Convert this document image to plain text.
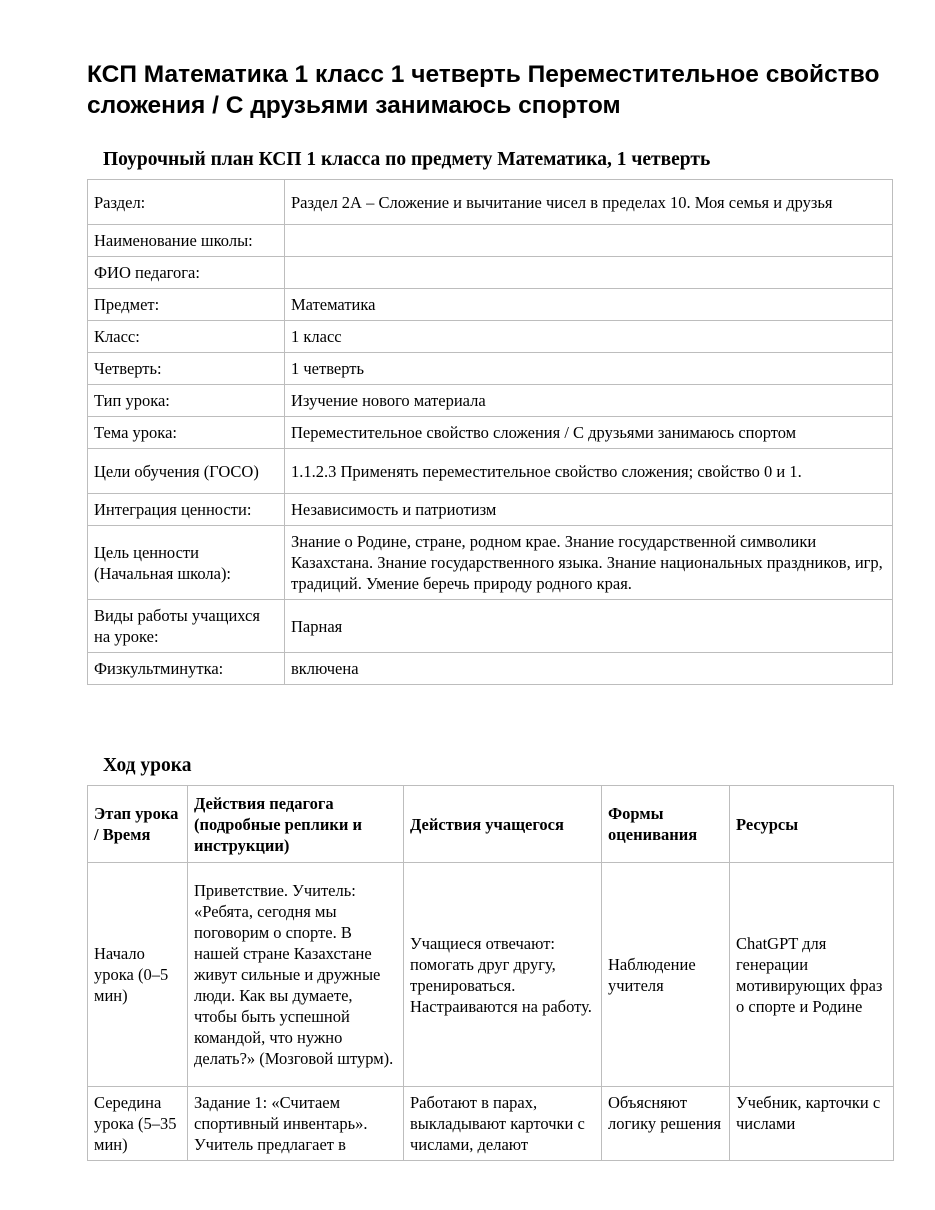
КСП Математика 1 класс 1 четверть Переместительное свойство сложения / С друзьями занимаюсь спортом
Поурочный план КСП 1 класса по предмету Математика, 1 четверть
Раздел:	Раздел 2А – Сложение и вычитание чисел в пределах 10. Моя семья и друзья
Наименование школы:	
ФИО педагога:	
Предмет:	Математика
Класс:	1 класс
Четверть:	1 четверть
Тип урока:	Изучение нового материала
Тема урока:	Переместительное свойство сложения / С друзьями занимаюсь спортом
Цели обучения (ГОСО)	1.1.2.3 Применять переместительное свойство сложения; свойство 0 и 1.
Интеграция ценности:	Независимость и патриотизм
Цель ценности (Начальная школа):	Знание о Родине, стране, родном крае. Знание государственной символики Казахстана. Знание государственного языка. Знание национальных праздников, игр, традиций. Умение беречь природу родного края.
Виды работы учащихся на уроке:	Парная
Физкультминутка:	включена
Ход урока
Этап урока / Время	Действия педагога (подробные реплики и инструкции)	Действия учащегося	Формы оценивания	Ресурсы
Начало урока (0–5 мин)	Приветствие. Учитель: «Ребята, сегодня мы поговорим о спорте. В нашей стране Казахстане живут сильные и дружные люди. Как вы думаете, чтобы быть успешной командой, что нужно делать?» (Мозговой штурм).	Учащиеся отвечают: помогать друг другу, тренироваться. Настраиваются на работу.	Наблюдение учителя	ChatGPT для генерации мотивирующих фраз о спорте и Родине
Середина урока (5–35 мин)	Задание 1: «Считаем спортивный инвентарь». Учитель предлагает в	Работают в парах, выкладывают карточки с числами, делают	Объясняют логику решения	Учебник, карточки с числами
